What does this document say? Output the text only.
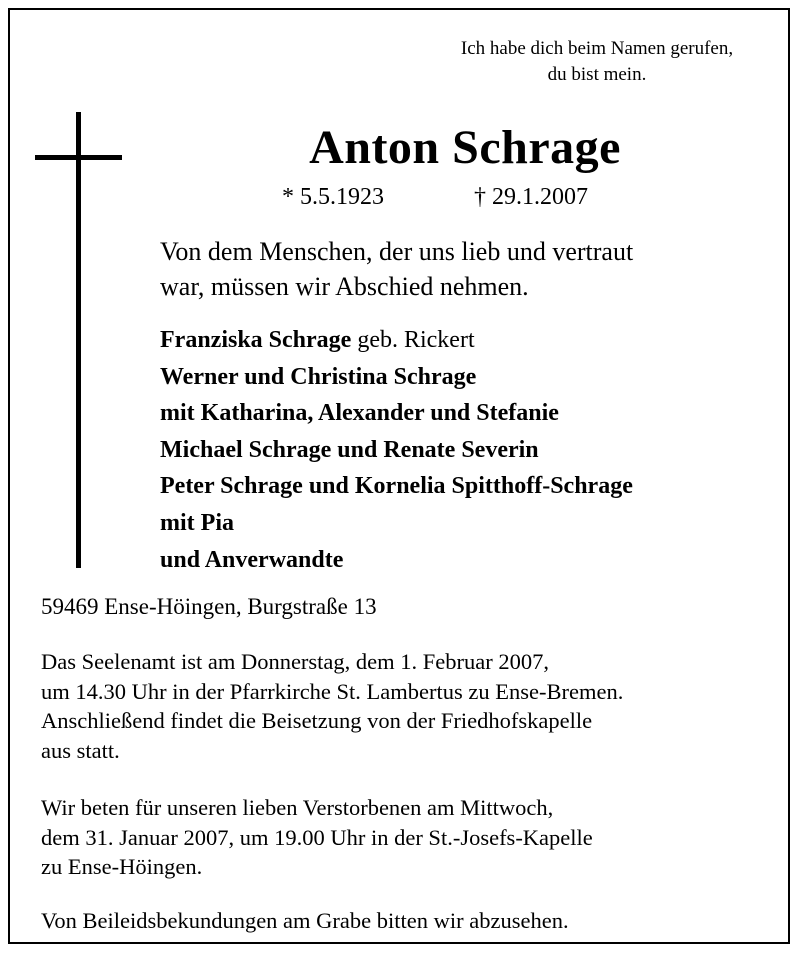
Ich habe dich beim Namen gerufen,
du bist mein.
Anton Schrage
* 5.5.1923	† 29.1.2007
Von dem Menschen, der uns lieb und vertraut
war, müssen wir Abschied nehmen.
Franziska Schrage geb. Rickert
Werner und Christina Schrage
mit Katharina, Alexander und Stefanie
Michael Schrage und Renate Severin
Peter Schrage und Kornelia Spitthoff-Schrage
mit Pia
und Anverwandte
59469 Ense-Höingen, Burgstraße 13
Das Seelenamt ist am Donnerstag, dem 1. Februar 2007,
um 14.30 Uhr in der Pfarrkirche St. Lambertus zu Ense-Bremen.
Anschließend findet die Beisetzung von der Friedhofskapelle
aus statt.
Wir beten für unseren lieben Verstorbenen am Mittwoch,
dem 31. Januar 2007, um 19.00 Uhr in der St.-Josefs-Kapelle
zu Ense-Höingen.
Von Beileidsbekundungen am Grabe bitten wir abzusehen.
